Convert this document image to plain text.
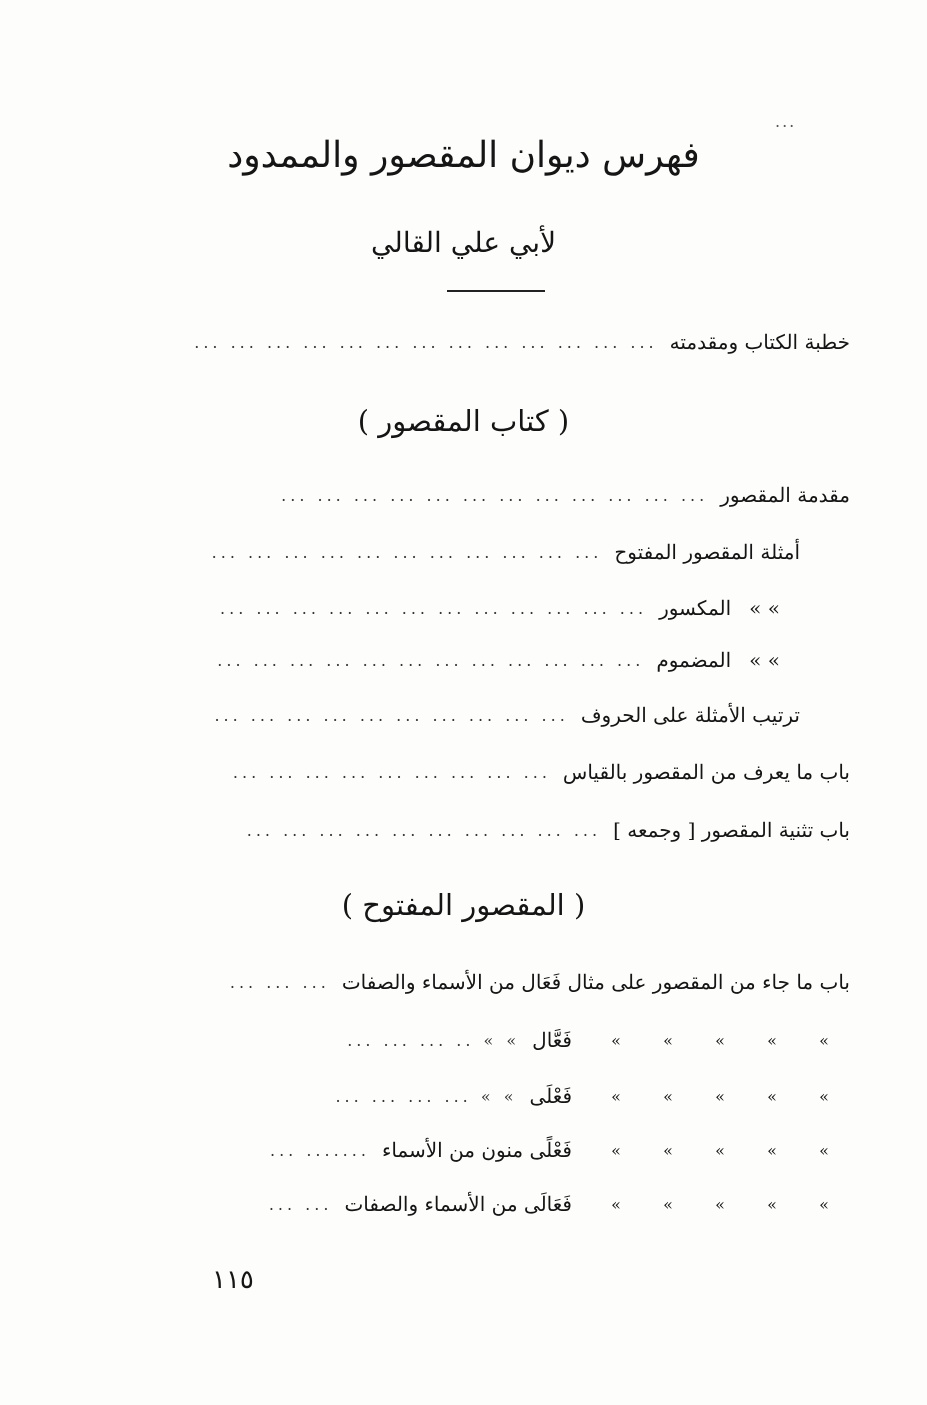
...
فهرس ديوان المقصور والممدود
لأبي علي القالي
خطبة الكتاب ومقدمته
... ... ... ... ... ... ... ... ... ... ... ... ...
( كتاب المقصور )
مقدمة المقصور
... ... ... ... ... ... ... ... ... ... ... ...
أمثلة المقصور المفتوح
... ... ... ... ... ... ... ... ... ... ...
» »
المكسور
... ... ... ... ... ... ... ... ... ... ... ...
» »
المضموم
... ... ... ... ... ... ... ... ... ... ... ...
ترتيب الأمثلة على الحروف
... ... ... ... ... ... ... ... ... ...
باب ما يعرف من المقصور بالقياس
... ... ... ... ... ... ... ... ...
باب تثنية المقصور [ وجمعه ]
... ... ... ... ... ... ... ... ... ...
( المقصور المفتوح )
باب ما جاء من المقصور على مثال فَعَال من الأسماء والصفات
... ... ...
»
»
»
»
»
فَعَّال
» » .. ... ... ...
»
»
»
»
»
فَعْلَى
» » ... ... ... ...
»
»
»
»
»
فَعْلًى منون من الأسماء
....... ...
»
»
»
»
»
فَعَالَى من الأسماء والصفات
... ...
١١٥
